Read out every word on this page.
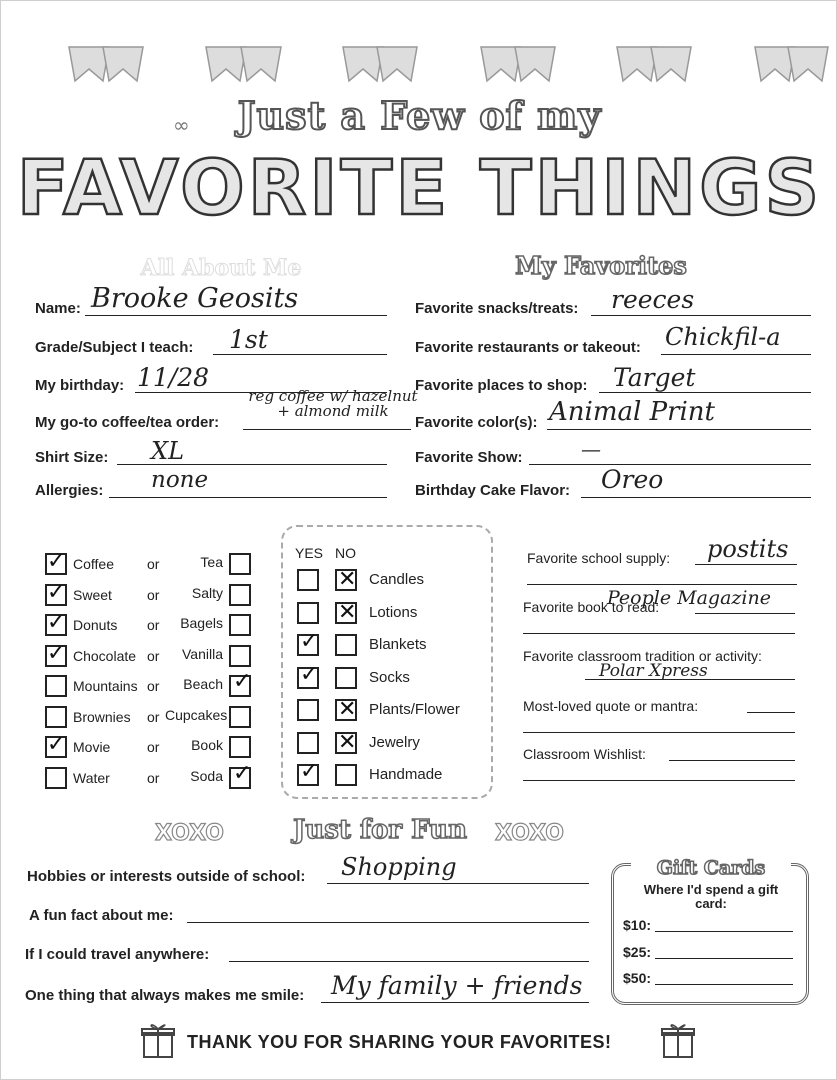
∞	Just a Few of my
FAVORITE THINGS
All About Me	My Favorites
Name: Brooke Geosits
Grade/Subject I teach: 1st
My birthday: 11/28
My go-to coffee/tea order:
reg coffee w/ hazelnut + almond milk
Shirt Size: XL
Allergies: none
Favorite snacks/treats: reeces
Favorite restaurants or takeout: Chickfil-a
Favorite places to shop: Target
Favorite color(s): Animal Print
Favorite Show:	—
Birthday Cake Flavor: Oreo
✓ Coffee or	Tea
✓ Sweet	or	Salty
✓ Donuts or	Bagels
✓ Chocolate or	Vanilla
Mountains or	Beach ✓
Brownies or Cupcakes
✓ Movie	or	Book
Water	or	Soda ✓
YES NO
✕ Candles
✕ Lotions
✓	Blankets
✓	Socks
✕ Plants/Flower
✕ Jewelry
✓	Handmade
Favorite school supply: postits
Favorite book to read:
People Magazine
Favorite classroom tradition or activity:
Polar Xpress
Most-loved quote or mantra:
Classroom Wishlist:
XOXO	Just for Fun	XOXO
Hobbies or interests outside of school: Shopping
A fun fact about me:
If I could travel anywhere:
One thing that always makes me smile: My family + friends
Gift Cards
Where I'd spend a gift card:
$10:
$25:
$50:
THANK YOU FOR SHARING YOUR FAVORITES!
